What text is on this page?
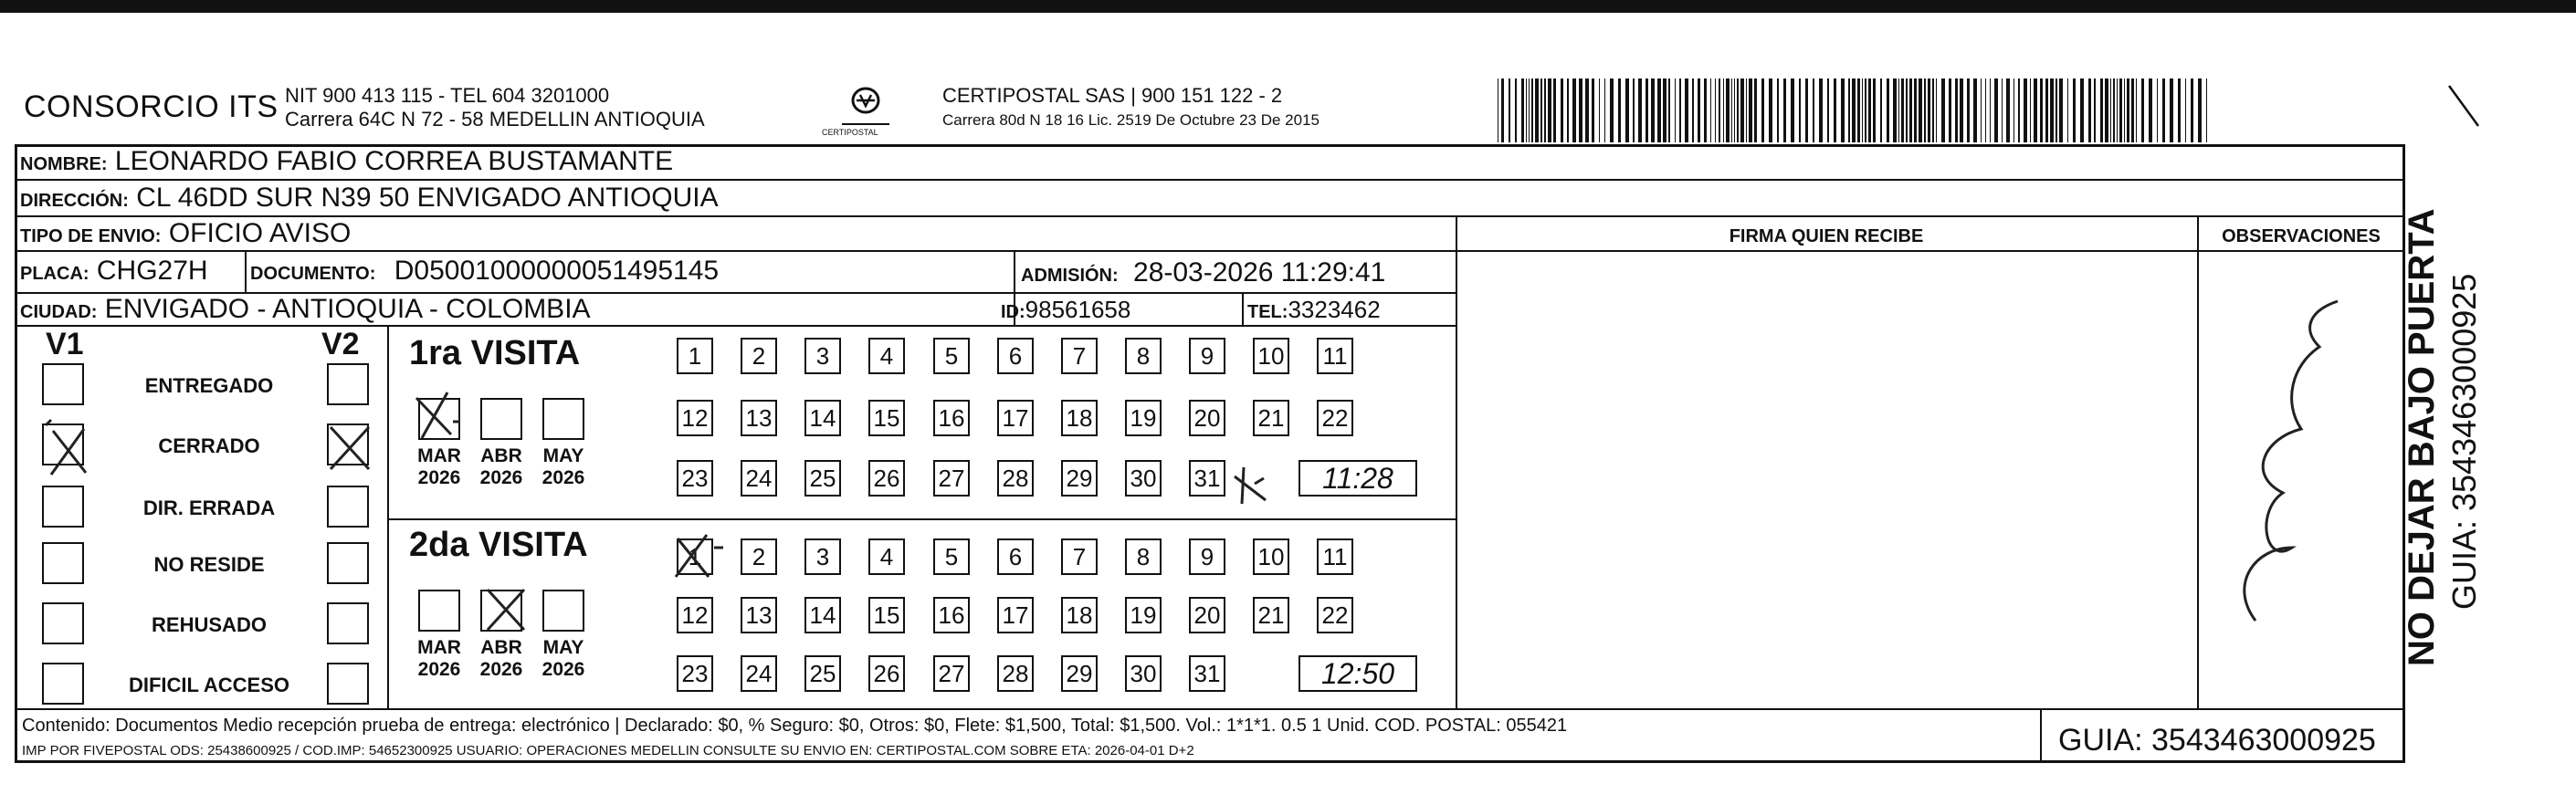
CONSORCIO ITS NIT 900 413 115 - TEL 604 3201000
Carrera 64C N 72 - 58 MEDELLIN ANTIOQUIA
CERTIPOSTAL
CERTIPOSTAL SAS | 900 151 122 - 2
Carrera 80d N 18 16 Lic. 2519 De Octubre 23 De 2015
NOMBRE: LEONARDO FABIO CORREA BUSTAMANTE
DIRECCIÓN: CL 46DD SUR N39 50 ENVIGADO ANTIOQUIA
TIPO DE ENVIO: OFICIO AVISO	FIRMA QUIEN RECIBE	OBSERVACIONES
PLACA: CHG27H DOCUMENTO: D05001000000051495145	ADMISIÓN: 28-03-2026 11:29:41
CIUDAD: ENVIGADO - ANTIOQUIA - COLOMBIA	ID:98561658	TEL:3323462
V1	V2
ENTREGADO
CERRADO
DIR. ERRADA
NO RESIDE
REHUSADO
DIFICIL ACCESO
1ra VISITA
2da VISITA
MAR
2026
ABR
2026
MAY
2026
MAR
2026
ABR
2026
MAY
2026
1	2	3	4	5	6	7	8	9	10 11
12 13 14 15 16 17 18 19 20 21 22
23 24 25 26 27 28 29 30 31	11:28
1	2	3	4	5	6	7	8	9	10 11
12 13 14 15 16 17 18 19 20 21 22
23 24 25 26 27 28 29 30 31	12:50
Contenido: Documentos Medio recepción prueba de entrega: electrónico | Declarado: $0, % Seguro: $0, Otros: $0, Flete: $1,500, Total: $1,500. Vol.: 1*1*1. 0.5 1 Unid. COD. POSTAL: 055421
IMP POR FIVEPOSTAL ODS: 25438600925 / COD.IMP: 54652300925 USUARIO: OPERACIONES MEDELLIN CONSULTE SU ENVIO EN: CERTIPOSTAL.COM SOBRE ETA: 2026-04-01 D+2	GUIA: 3543463000925
NO DEJAR BAJO PUERTA GUIA: 3543463000925
